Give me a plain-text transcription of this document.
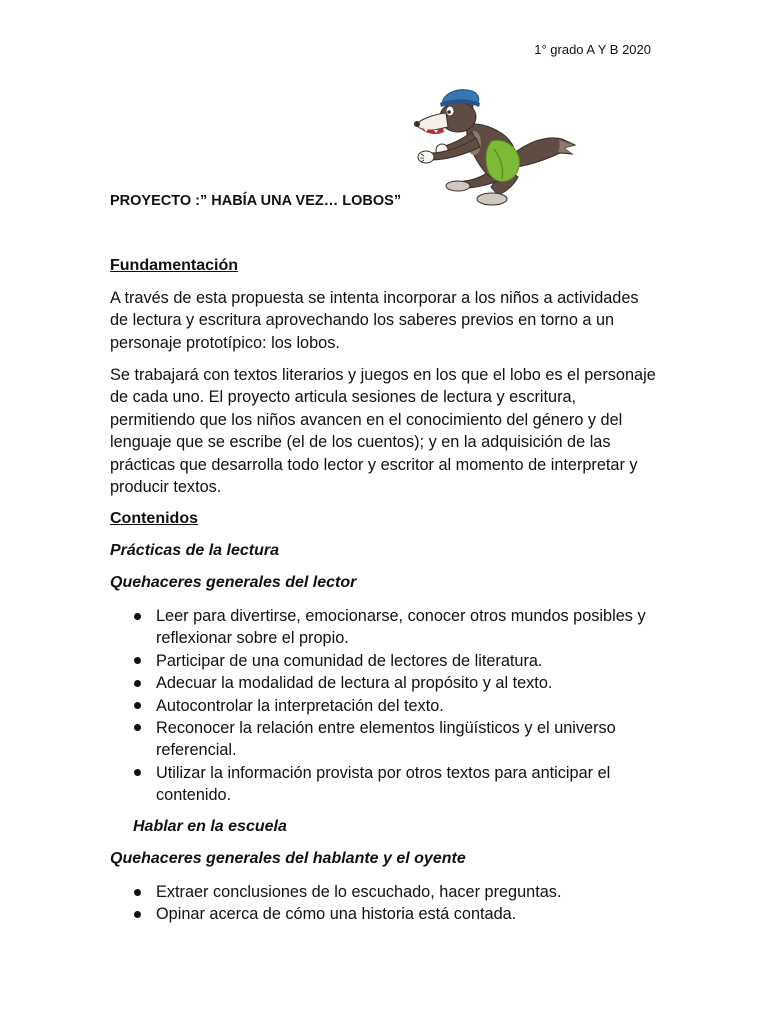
1° grado A Y B 2020
PROYECTO :” HABÍA UNA VEZ… LOBOS”
Fundamentación
A través de esta propuesta se intenta incorporar a los niños a actividades
de lectura y escritura aprovechando los saberes previos en torno a un
personaje prototípico: los lobos.
Se trabajará con textos literarios y juegos en los que el lobo es el personaje
de cada uno. El proyecto articula sesiones de lectura y escritura,
permitiendo que los niños avancen en el conocimiento del género y del
lenguaje que se escribe (el de los cuentos); y en la adquisición de las
prácticas que desarrolla todo lector y escritor al momento de interpretar y
producir textos.
Contenidos
Prácticas de la lectura
Quehaceres generales del lector
Leer para divertirse, emocionarse, conocer otros mundos posibles y
reflexionar sobre el propio.
Participar de una comunidad de lectores de literatura.
Adecuar la modalidad de lectura al propósito y al texto.
Autocontrolar la interpretación del texto.
Reconocer la relación entre elementos lingüísticos y el universo
referencial.
Utilizar la información provista por otros textos para anticipar el
contenido.
Hablar en la escuela
Quehaceres generales del hablante y el oyente
Extraer conclusiones de lo escuchado, hacer preguntas.
Opinar acerca de cómo una historia está contada.
